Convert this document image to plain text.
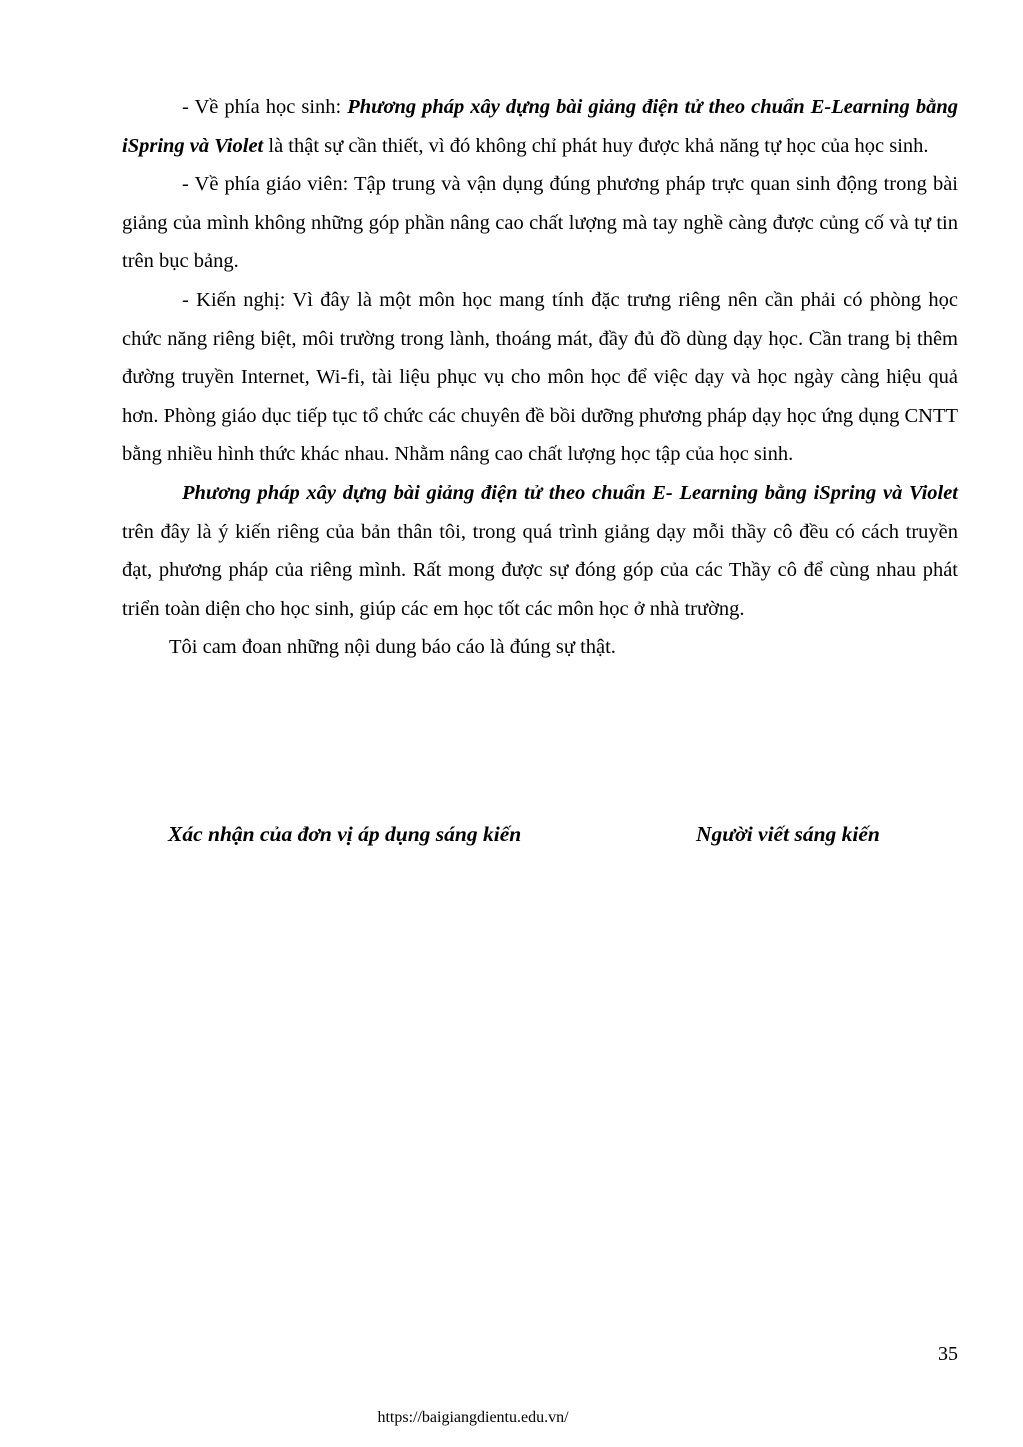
- Về phía học sinh: Phương pháp xây dựng bài giảng điện tử theo chuẩn E-Learning bằng iSpring và Violet là thật sự cần thiết, vì đó không chỉ phát huy được khả năng tự học của học sinh.

- Về phía giáo viên: Tập trung và vận dụng đúng phương pháp trực quan sinh động trong bài giảng của mình không những góp phần nâng cao chất lượng mà tay nghề càng được củng cố và tự tin trên bục bảng.

- Kiến nghị: Vì đây là một môn học mang tính đặc trưng riêng nên cần phải có phòng học chức năng riêng biệt, môi trường trong lành, thoáng mát, đầy đủ đồ dùng dạy học. Cần trang bị thêm đường truyền Internet, Wi-fi, tài liệu phục vụ cho môn học để việc dạy và học ngày càng hiệu quả hơn. Phòng giáo dục tiếp tục tổ chức các chuyên đề bồi dưỡng phương pháp dạy học ứng dụng CNTT bằng nhiều hình thức khác nhau. Nhằm nâng cao chất lượng học tập của học sinh.

Phương pháp xây dựng bài giảng điện tử theo chuẩn E- Learning bằng iSpring và Violet trên đây là ý kiến riêng của bản thân tôi, trong quá trình giảng dạy mỗi thầy cô đều có cách truyền đạt, phương pháp của riêng mình. Rất mong được sự đóng góp của các Thầy cô để cùng nhau phát triển toàn diện cho học sinh, giúp các em học tốt các môn học ở nhà trường.

Tôi cam đoan những nội dung báo cáo là đúng sự thật.

Xác nhận của đơn vị áp dụng sáng kiến	Người viết sáng kiến
35
https://baigiangdientu.edu.vn/
